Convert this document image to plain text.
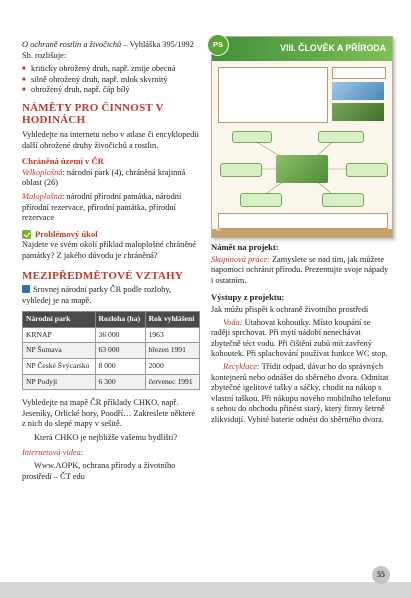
O ochraně rostlin a živočichů – Vyhláška 395/1992 Sb. rozlišuje:

■ kriticky ohrožený druh, např. zmije obecná
■ silně ohrožený druh, např. mlok skvrnitý
■ ohrožený druh, např. čáp bílý
NÁMĚTY PRO ČINNOST V HODINÁCH

Vyhledejte na internetu nebo v atlase či encyklopedii další ohrožené druhy živočichů a rostlin.

Chráněná území v ČR

Velkoplošná: národní park (4), chráněná krajinná oblast (26)

Maloplošná: národní přírodní památka, národní přírodní rezervace, přírodní památka, přírodní rezervace

Problémový úkol

Najdete ve svém okolí příklad maloplošné chráněné památky? Z jakého důvodu je chráněná?

MEZIPŘEDMĚTOVÉ VZTAHY

Srovnej národní parky ČR podle rozlohy, vyhledej je na mapě.

Národní park	Rozloha (ha)	Rok vyhlášení
KRNAP	36 000	1963
NP Šumava	63 000	březen 1991
NP České Švýcarsko	8 000	2000
NP Podyjí	6 300	červenec 1991

Vyhledejte na mapě ČR příklady CHKO, např. Jeseníky, Orlické hory, Poodří… Zakreslete některé z nich do slepé mapy v sešitě.

Která CHKO je nejbližše vašemu bydlišti?

Internetová videa:

Www.AOPK, ochrana přírody a životního prostředí – ČT edu

VIII. ČLOVĚK A PŘÍRODA
PS
50

Námět na projekt:

Skupinová práce: Zamyslete se nad tím, jak můžete napomoci ochránit přírodu. Prezentujte svoje nápady i ostatním.

Výstupy z projektu:

Jak můžu přispět k ochraně životního prostředí

Voda: Utahovat kohoutky. Místo koupání se raději sprchovat. Při mytí nádobí nenechávat zbytečně téct vodu. Při čištění zubů mít zavřený kohoutek. Při splachování používat funkce WC stop.

Recyklace: Třídit odpad, dávat ho do správných kontejnerů nebo odnášet do sběrného dvora. Odmítat zbytečné igelitové tašky a sáčky, chodit na nákup s vlastní taškou. Při nákupu nového mobilního telefonu s sebou do obchodu přinést starý, který firmy šetrně zlikvidují. Vybité baterie odnést do sběrného dvora.

55
